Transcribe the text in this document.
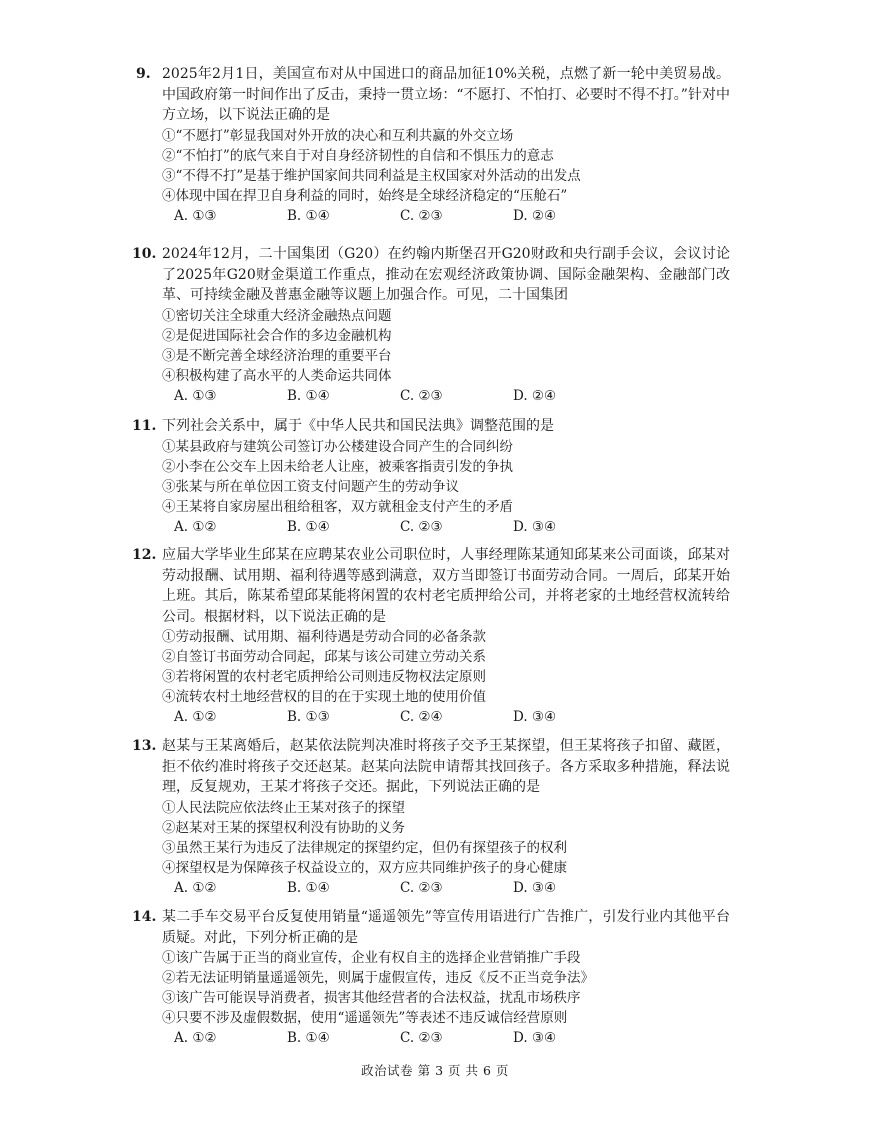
9. 2025年2月1日，美国宣布对从中国进口的商品加征10%关税，点燃了新一轮中美贸易战。中国政府第一时间作出了反击，秉持一贯立场：“不愿打、不怕打、必要时不得不打。”针对中方立场，以下说法正确的是
①“不愿打”彰显我国对外开放的决心和互利共赢的外交立场
②“不怕打”的底气来自于对自身经济韧性的自信和不惧压力的意志
③“不得不打”是基于维护国家间共同利益是主权国家对外活动的出发点
④体现中国在捍卫自身利益的同时，始终是全球经济稳定的“压舱石”
A. ①③	B. ①④	C. ②③	D. ②④
10. 2024年12月，二十国集团（G20）在约翰内斯堡召开G20财政和央行副手会议，会议讨论了2025年G20财金渠道工作重点，推动在宏观经济政策协调、国际金融架构、金融部门改革、可持续金融及普惠金融等议题上加强合作。可见，二十国集团
①密切关注全球重大经济金融热点问题
②是促进国际社会合作的多边金融机构
③是不断完善全球经济治理的重要平台
④积极构建了高水平的人类命运共同体
A. ①③	B. ①④	C. ②③	D. ②④
11. 下列社会关系中，属于《中华人民共和国民法典》调整范围的是
①某县政府与建筑公司签订办公楼建设合同产生的合同纠纷
②小李在公交车上因未给老人让座，被乘客指责引发的争执
③张某与所在单位因工资支付问题产生的劳动争议
④王某将自家房屋出租给租客，双方就租金支付产生的矛盾
A. ①②	B. ①④	C. ②③	D. ③④
12. 应届大学毕业生邱某在应聘某农业公司职位时，人事经理陈某通知邱某来公司面谈，邱某对劳动报酬、试用期、福利待遇等感到满意，双方当即签订书面劳动合同。一周后，邱某开始上班。其后，陈某希望邱某能将闲置的农村老宅质押给公司，并将老家的土地经营权流转给公司。根据材料，以下说法正确的是
①劳动报酬、试用期、福利待遇是劳动合同的必备条款
②自签订书面劳动合同起，邱某与该公司建立劳动关系
③若将闲置的农村老宅质押给公司则违反物权法定原则
④流转农村土地经营权的目的在于实现土地的使用价值
A. ①②	B. ①③	C. ②④	D. ③④
13. 赵某与王某离婚后，赵某依法院判决准时将孩子交予王某探望，但王某将孩子扣留、藏匿，拒不依约准时将孩子交还赵某。赵某向法院申请帮其找回孩子。各方采取多种措施，释法说理，反复规劝，王某才将孩子交还。据此，下列说法正确的是
①人民法院应依法终止王某对孩子的探望
②赵某对王某的探望权利没有协助的义务
③虽然王某行为违反了法律规定的探望约定，但仍有探望孩子的权利
④探望权是为保障孩子权益设立的，双方应共同维护孩子的身心健康
A. ①②	B. ①④	C. ②③	D. ③④
14. 某二手车交易平台反复使用销量“遥遥领先”等宣传用语进行广告推广，引发行业内其他平台质疑。对此，下列分析正确的是
①该广告属于正当的商业宣传，企业有权自主的选择企业营销推广手段
②若无法证明销量遥遥领先，则属于虚假宣传，违反《反不正当竞争法》
③该广告可能误导消费者，损害其他经营者的合法权益，扰乱市场秩序
④只要不涉及虚假数据，使用“遥遥领先”等表述不违反诚信经营原则
A. ①②	B. ①④	C. ②③	D. ③④
政治试卷 第 3 页 共 6 页
